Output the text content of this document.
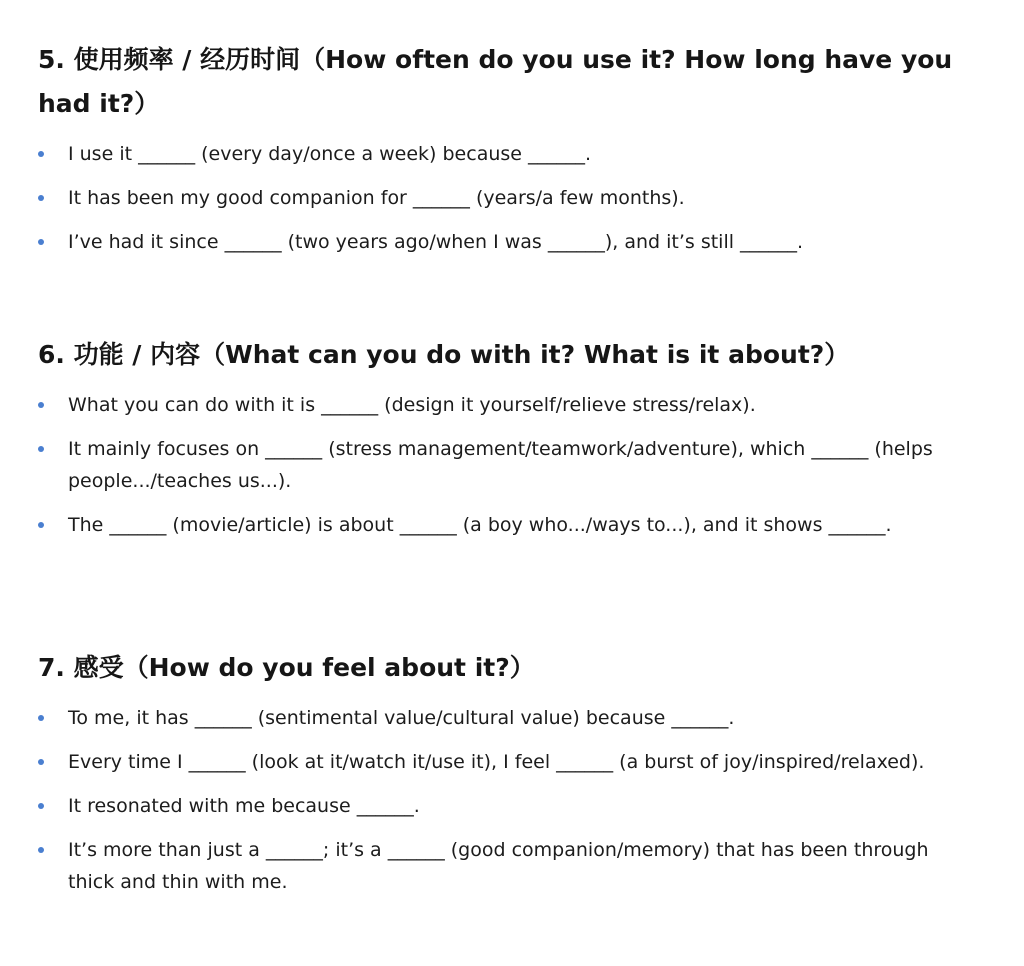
5. 使用频率 / 经历时间（How often do you use it? How long have you had it?）
I use it ______ (every day/once a week) because ______.
It has been my good companion for ______ (years/a few months).
I’ve had it since ______ (two years ago/when I was ______), and it’s still ______.
6. 功能 / 内容（What can you do with it? What is it about?）
What you can do with it is ______ (design it yourself/relieve stress/relax).
It mainly focuses on ______ (stress management/teamwork/adventure), which ______ (helps people.../teaches us...).
The ______ (movie/article) is about ______ (a boy who.../ways to...), and it shows ______.
7. 感受（How do you feel about it?）
To me, it has ______ (sentimental value/cultural value) because ______.
Every time I ______ (look at it/watch it/use it), I feel ______ (a burst of joy/inspired/relaxed).
It resonated with me because ______.
It’s more than just a ______; it’s a ______ (good companion/memory) that has been through thick and thin with me.
